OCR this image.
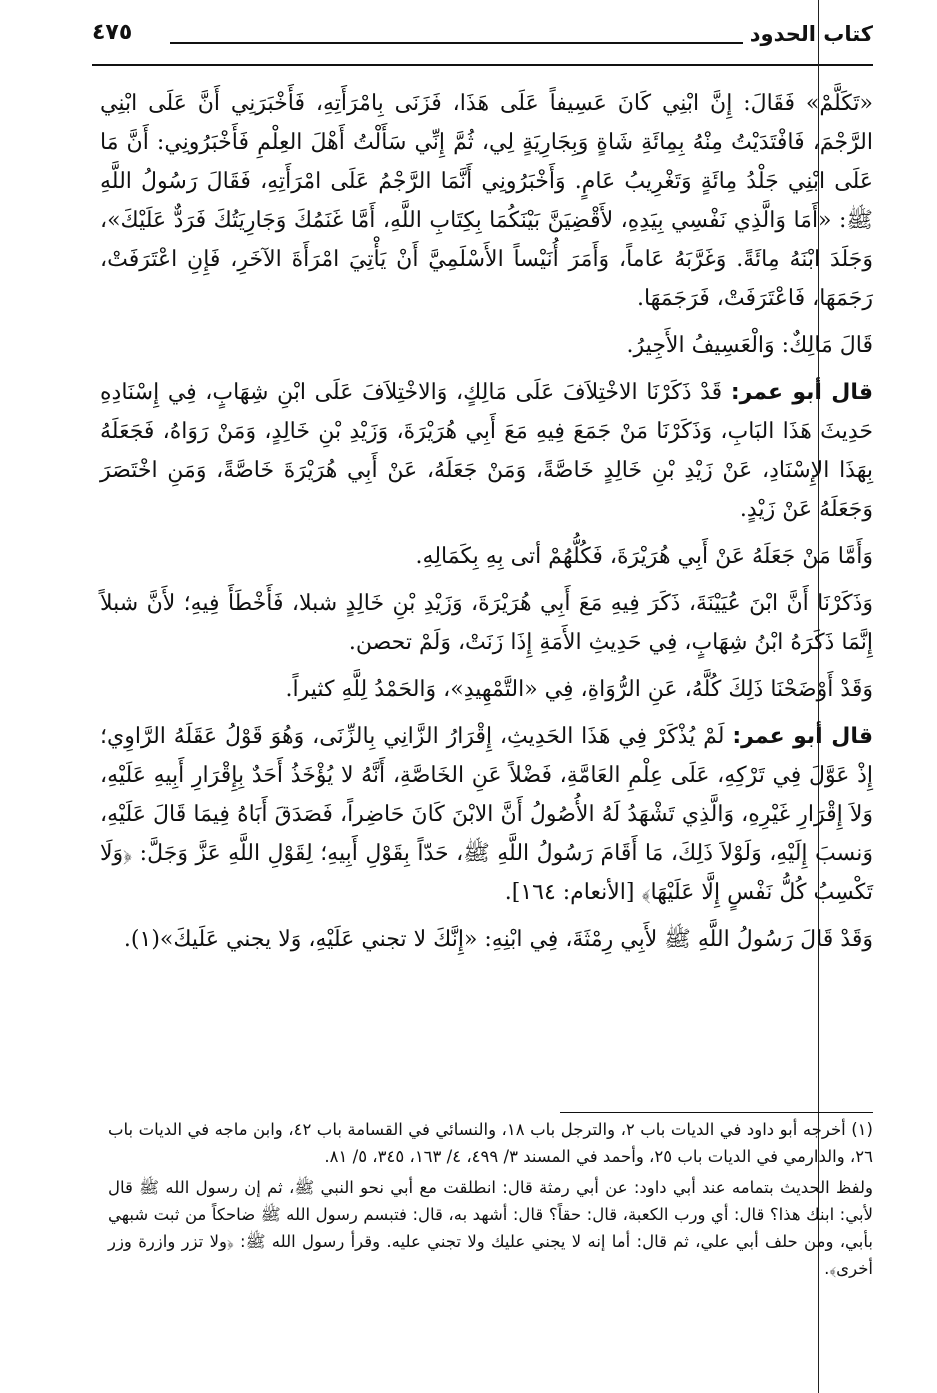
كتاب الحدود
٤٧٥

«تَكَلَّمْ» فَقَالَ: إِنَّ ابْنِي كَانَ عَسِيفاً عَلَى هَذَا، فَزَنَى بِامْرَأَتِهِ، فَأَخْبَرَنِي أَنَّ عَلَى ابْنِي الرَّجْمَ، فَافْتَدَيْتُ مِنْهُ بِمِائَةِ شَاةٍ وَبِجَارِيَةٍ لِي، ثُمَّ إِنِّي سَأَلْتُ أَهْلَ العِلْمِ فَأَخْبَرُونِي: أَنَّ مَا عَلَى ابْنِي جَلْدُ مِائَةٍ وَتَغْرِيبُ عَامٍ. وَأَخْبَرُونِي أَنَّمَا الرَّجْمُ عَلَى امْرَأَتِهِ، فَقَالَ رَسُولُ اللَّهِ ﷺ: «أَمَا وَالَّذِي نَفْسِي بِيَدِهِ، لأَقْضِيَنَّ بَيْنَكُمَا بِكِتَابِ اللَّهِ، أَمَّا غَنَمُكَ وَجَارِيَتُكَ فَرَدٌّ عَلَيْكَ»، وَجَلَدَ ابْنَهُ مِائَةً. وَغَرَّبَهُ عَاماً، وَأَمَرَ أُنَيْساً الأَسْلَمِيَّ أَنْ يَأْتِيَ امْرَأَةَ الآخَرِ، فَإِنِ اعْتَرَفَتْ، رَجَمَهَا، فَاعْتَرَفَتْ، فَرَجَمَهَا.

قَالَ مَالِكٌ: وَالْعَسِيفُ الأَجِيرُ.

قال أبو عمر: قَدْ ذَكَرْنَا الاخْتِلاَفَ عَلَى مَالِكٍ، وَالاخْتِلاَفَ عَلَى ابْنِ شِهَابٍ، فِي إِسْنَادِهِ حَدِيثَ هَذَا البَابِ، وَذَكَرْنَا مَنْ جَمَعَ فِيهِ مَعَ أَبِي هُرَيْرَةَ، وَزَيْدِ بْنِ خَالِدٍ، وَمَنْ رَوَاهُ، فَجَعَلَهُ بِهَذَا الإِسْنَادِ، عَنْ زَيْدِ بْنِ خَالِدٍ خَاصَّةً، وَمَنْ جَعَلَهُ، عَنْ أَبِي هُرَيْرَةَ خَاصَّةً، وَمَنِ اخْتَصَرَ وَجَعَلَهُ عَنْ زَيْدٍ.

وَأَمَّا مَنْ جَعَلَهُ عَنْ أَبِي هُرَيْرَةَ، فَكُلُّهُمْ أتى بِهِ بِكَمَالِهِ.

وَذَكَرْنَا أَنَّ ابْنَ عُيَيْنَةَ، ذَكَرَ فِيهِ مَعَ أَبِي هُرَيْرَةَ، وَزَيْدِ بْنِ خَالِدٍ شبلا، فَأَخْطَأَ فِيهِ؛ لأَنَّ شبلاً إِنَّمَا ذَكَرَهُ ابْنُ شِهَابٍ، فِي حَدِيثِ الأَمَةِ إِذَا زَنَتْ، وَلَمْ تحصن.

وَقَدْ أَوْضَحْنَا ذَلِكَ كُلَّهُ، عَنِ الرُّوَاةِ، فِي «التَّمْهِيدِ»، وَالحَمْدُ لِلَّهِ كثيراً.

قال أبو عمر: لَمْ يُذْكَرْ فِي هَذَا الحَدِيثِ، إِقْرَارُ الزَّانِي بِالزِّنَى، وَهُوَ قَوْلُ عَقَلَهُ الرَّاوِي؛ إِذْ عَوَّلَ فِي تَرْكِهِ، عَلَى عِلْمِ العَامَّةِ، فَضْلاً عَنِ الخَاصَّةِ، أَنَّهُ لا يُؤْخَذُ أَحَدٌ بِإِقْرَارِ أَبِيهِ عَلَيْهِ، وَلاَ إِقْرَارِ غَيْرِهِ، وَالَّذِي تَشْهَدُ لَهُ الأُصُولُ أَنَّ الابْنَ كَانَ حَاضِراً، فَصَدَقَ أَبَاهُ فِيمَا قَالَ عَلَيْهِ، وَنسبَ إِلَيْهِ، وَلَوْلاَ ذَلِكَ، مَا أَقَامَ رَسُولُ اللَّهِ ﷺ، حَدّاً بِقَوْلِ أَبِيهِ؛ لِقَوْلِ اللَّهِ عَزَّ وَجَلَّ: ﴿وَلَا تَكْسِبُ كُلُّ نَفْسٍ إِلَّا عَلَيْهَا﴾ [الأنعام: ١٦٤].

وَقَدْ قَالَ رَسُولُ اللَّهِ ﷺ لأَبِي رِمْثَةَ، فِي ابْنِهِ: «إِنَّكَ لا تجني عَلَيْهِ، وَلا يجني عَلَيكَ»(١).

(١) أخرجه أبو داود في الديات باب ٢، والترجل باب ١٨، والنسائي في القسامة باب ٤٢، وابن ماجه في الديات باب ٢٦، والدارمي في الديات باب ٢٥، وأحمد في المسند ٣/ ٤٩٩، ٤/ ١٦٣، ٣٤٥، ٥/ ٨١.

ولفظ الحديث بتمامه عند أبي داود: عن أبي رمثة قال: انطلقت مع أبي نحو النبي ﷺ، ثم إن رسول الله ﷺ قال لأبي: ابنك هذا؟ قال: أي ورب الكعبة، قال: حقاً؟ قال: أشهد به، قال: فتبسم رسول الله ﷺ ضاحكاً من ثبت شبهي بأبي، ومن حلف أبي علي، ثم قال: أما إنه لا يجني عليك ولا تجني عليه. وقرأ رسول الله ﷺ: ﴿ولا تزر وازرة وزر أخرى﴾.
